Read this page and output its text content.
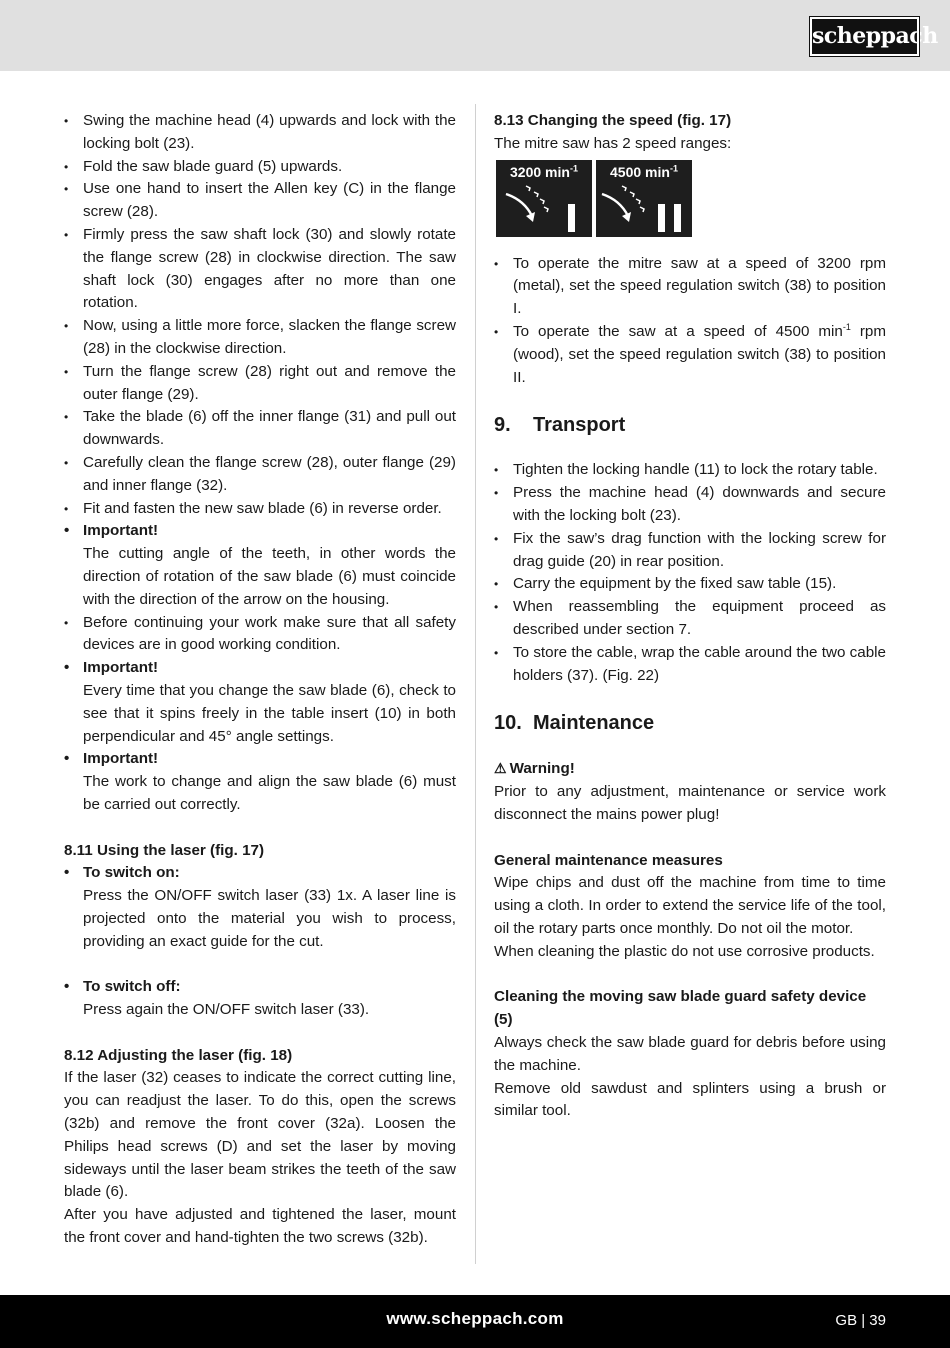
scheppach
• Swing the machine head (4) upwards and lock with the locking bolt (23).
• Fold the saw blade guard (5) upwards.
• Use one hand to insert the Allen key (C) in the flange screw (28).
• Firmly press the saw shaft lock (30) and slowly rotate the flange screw (28) in clockwise direction. The saw shaft lock (30) engages after no more than one rotation.
• Now, using a little more force, slacken the flange screw (28) in the clockwise direction.
• Turn the flange screw (28) right out and remove the outer flange (29).
• Take the blade (6) off the inner flange (31) and pull out downwards.
• Carefully clean the flange screw (28), outer flange (29) and inner flange (32).
• Fit and fasten the new saw blade (6) in reverse order.
• Important!
The cutting angle of the teeth, in other words the direction of rotation of the saw blade (6) must coincide with the direction of the arrow on the housing.
• Before continuing your work make sure that all safety devices are in good working condition.
• Important!
Every time that you change the saw blade (6), check to see that it spins freely in the table insert (10) in both perpendicular and 45° angle settings.
• Important!
The work to change and align the saw blade (6) must be carried out correctly.
8.11 Using the laser (fig. 17)
• To switch on:
Press the ON/OFF switch laser (33) 1x. A laser line is projected onto the material you wish to process, providing an exact guide for the cut.
• To switch off:
Press again the ON/OFF switch laser (33).
8.12 Adjusting the laser (fig. 18)

If the laser (32) ceases to indicate the correct cutting line, you can readjust the laser. To do this, open the screws (32b) and remove the front cover (32a). Loosen the Philips head screws (D) and set the laser by moving sideways until the laser beam strikes the teeth of the saw blade (6).

After you have adjusted and tightened the laser, mount the front cover and hand-tighten the two screws (32b).

8.13 Changing the speed (fig. 17)

The mitre saw has 2 speed ranges:

3200 $\min^{-1}$	4500 $\min^{-1}$
• To operate the mitre saw at a speed of 3200 rpm (metal), set the speed regulation switch (38) to position I.
• To operate the saw at a speed of 4500 $\min^{-1}$ rpm (wood), set the speed regulation switch (38) to position II.
9. Transport
• Tighten the locking handle (11) to lock the rotary table.
• Press the machine head (4) downwards and secure with the locking bolt (23).
• Fix the saw’s drag function with the locking screw for drag guide (20) in rear position.
• Carry the equipment by the fixed saw table (15).
• When reassembling the equipment proceed as described under section 7.
• To store the cable, wrap the cable around the two cable holders (37). (Fig. 22)
10. Maintenance
⚠ Warning!

Prior to any adjustment, maintenance or service work disconnect the mains power plug!

General maintenance measures

Wipe chips and dust off the machine from time to time using a cloth. In order to extend the service life of the tool, oil the rotary parts once monthly. Do not oil the motor.

When cleaning the plastic do not use corrosive products.

Cleaning the moving saw blade guard safety device (5)

Always check the saw blade guard for debris before using the machine.

Remove old sawdust and splinters using a brush or similar tool.

www.scheppach.com	GB | 39
